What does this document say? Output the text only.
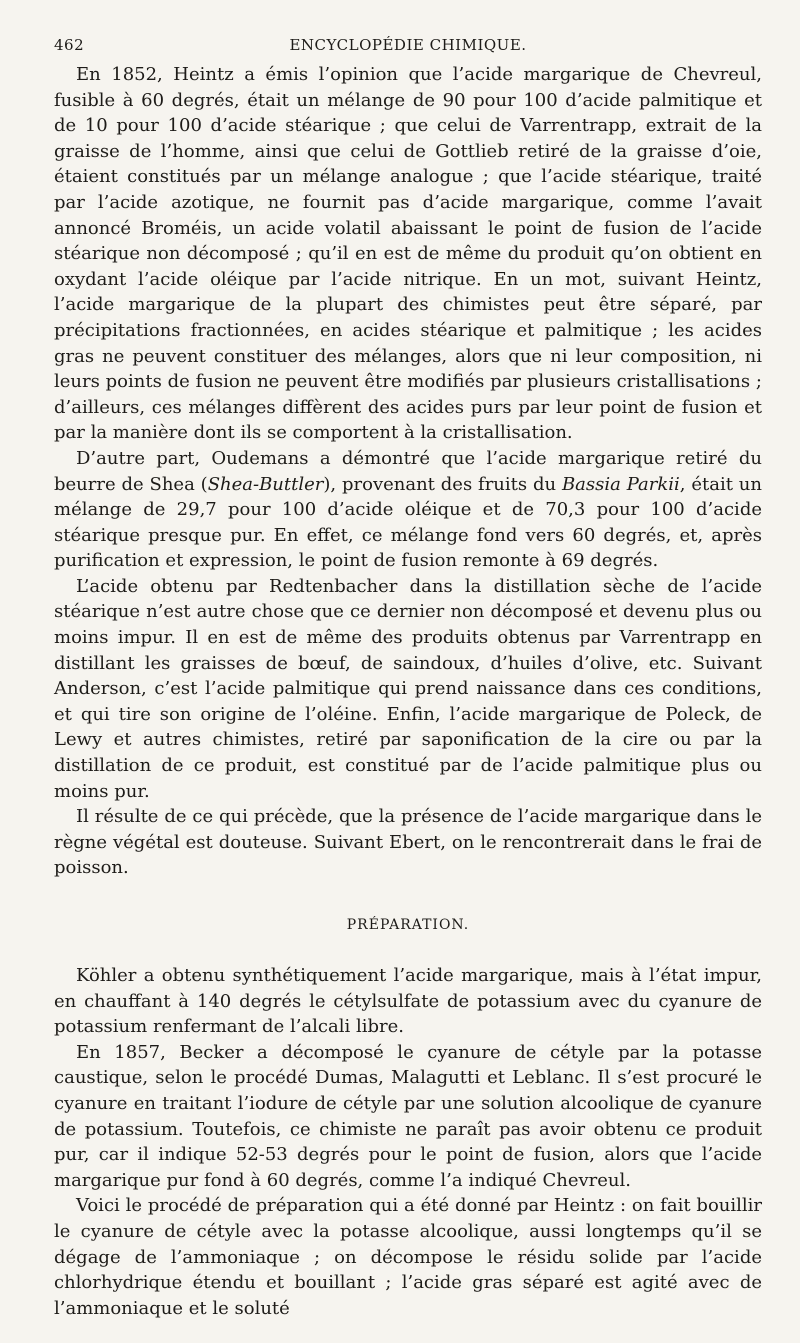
462	ENCYCLOPÉDIE CHIMIQUE.

En 1852, Heintz a émis l’opinion que l’acide margarique de Chevreul, fusible à 60 degrés, était un mélange de 90 pour 100 d’acide palmitique et de 10 pour 100 d’acide stéarique ; que celui de Varrentrapp, extrait de la graisse de l’homme, ainsi que celui de Gottlieb retiré de la graisse d’oie, étaient constitués par un mélange analogue ; que l’acide stéarique, traité par l’acide azotique, ne fournit pas d’acide margarique, comme l’avait annoncé Broméis, un acide volatil abaissant le point de fusion de l’acide stéarique non décomposé ; qu’il en est de même du produit qu’on obtient en oxydant l’acide oléique par l’acide nitrique. En un mot, suivant Heintz, l’acide margarique de la plupart des chimistes peut être séparé, par précipitations fractionnées, en acides stéarique et palmitique ; les acides gras ne peuvent constituer des mélanges, alors que ni leur composition, ni leurs points de fusion ne peuvent être modifiés par plusieurs cristallisations ; d’ailleurs, ces mélanges diffèrent des acides purs par leur point de fusion et par la manière dont ils se comportent à la cristallisation.

D’autre part, Oudemans a démontré que l’acide margarique retiré du beurre de Shea (Shea-Buttler), provenant des fruits du Bassia Parkii, était un mélange de 29,7 pour 100 d’acide oléique et de 70,3 pour 100 d’acide stéarique presque pur. En effet, ce mélange fond vers 60 degrés, et, après purification et expression, le point de fusion remonte à 69 degrés.

L’acide obtenu par Redtenbacher dans la distillation sèche de l’acide stéarique n’est autre chose que ce dernier non décomposé et devenu plus ou moins impur. Il en est de même des produits obtenus par Varrentrapp en distillant les graisses de bœuf, de saindoux, d’huiles d’olive, etc. Suivant Anderson, c’est l’acide palmitique qui prend naissance dans ces conditions, et qui tire son origine de l’oléine. Enfin, l’acide margarique de Poleck, de Lewy et autres chimistes, retiré par saponification de la cire ou par la distillation de ce produit, est constitué par de l’acide palmitique plus ou moins pur.

Il résulte de ce qui précède, que la présence de l’acide margarique dans le règne végétal est douteuse. Suivant Ebert, on le rencontrerait dans le frai de poisson.

PRÉPARATION.

Köhler a obtenu synthétiquement l’acide margarique, mais à l’état impur, en chauffant à 140 degrés le cétylsulfate de potassium avec du cyanure de potassium renfermant de l’alcali libre.

En 1857, Becker a décomposé le cyanure de cétyle par la potasse caustique, selon le procédé Dumas, Malagutti et Leblanc. Il s’est procuré le cyanure en traitant l’iodure de cétyle par une solution alcoolique de cyanure de potassium. Toutefois, ce chimiste ne paraît pas avoir obtenu ce produit pur, car il indique 52-53 degrés pour le point de fusion, alors que l’acide margarique pur fond à 60 degrés, comme l’a indiqué Chevreul.

Voici le procédé de préparation qui a été donné par Heintz : on fait bouillir le cyanure de cétyle avec la potasse alcoolique, aussi longtemps qu’il se dégage de l’ammoniaque ; on décompose le résidu solide par l’acide chlorhydrique étendu et bouillant ; l’acide gras séparé est agité avec de l’ammoniaque et le soluté
